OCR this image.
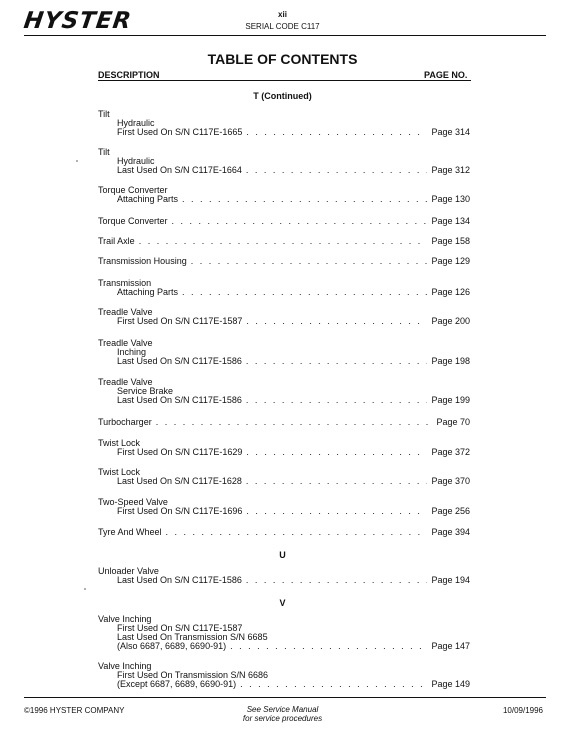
HYSTER	xii
SERIAL CODE C117
TABLE OF CONTENTS
DESCRIPTION	PAGE NO.
T (Continued)
U
V
Tilt
Hydraulic
First Used On S/N C117E-1665 . . .	Page 314
Tilt
Hydraulic
Last Used On S/N C117E-1664 . . .	Page 312
Torque Converter
Attaching Parts . . .	Page 130
Torque Converter . . .	Page 134
Trail Axle . . .	Page 158
Transmission Housing . . .	Page 129
Transmission
Attaching Parts . . .	Page 126
Treadle Valve
First Used On S/N C117E-1587 . . .	Page 200
Treadle Valve
Inching
Last Used On S/N C117E-1586 . . .	Page 198
Treadle Valve
Service Brake
Last Used On S/N C117E-1586 . . .	Page 199
Turbocharger . . .	Page 70
Twist Lock
First Used On S/N C117E-1629 . . .	Page 372
Twist Lock
Last Used On S/N C117E-1628 . . .	Page 370
Two-Speed Valve
First Used On S/N C117E-1696 . . .	Page 256
Tyre And Wheel . . .	Page 394
Unloader Valve
Last Used On S/N C117E-1586 . . .	Page 194
Valve Inching
First Used On S/N C117E-1587
Last Used On Transmission S/N 6685
(Also 6687, 6689, 6690-91) . . .	Page 147
Valve Inching
First Used On Transmission S/N 6686
(Except 6687, 6689, 6690-91) . . .	Page 149
©1996 HYSTER COMPANY	See Service Manual
for service procedures
10/09/1996
